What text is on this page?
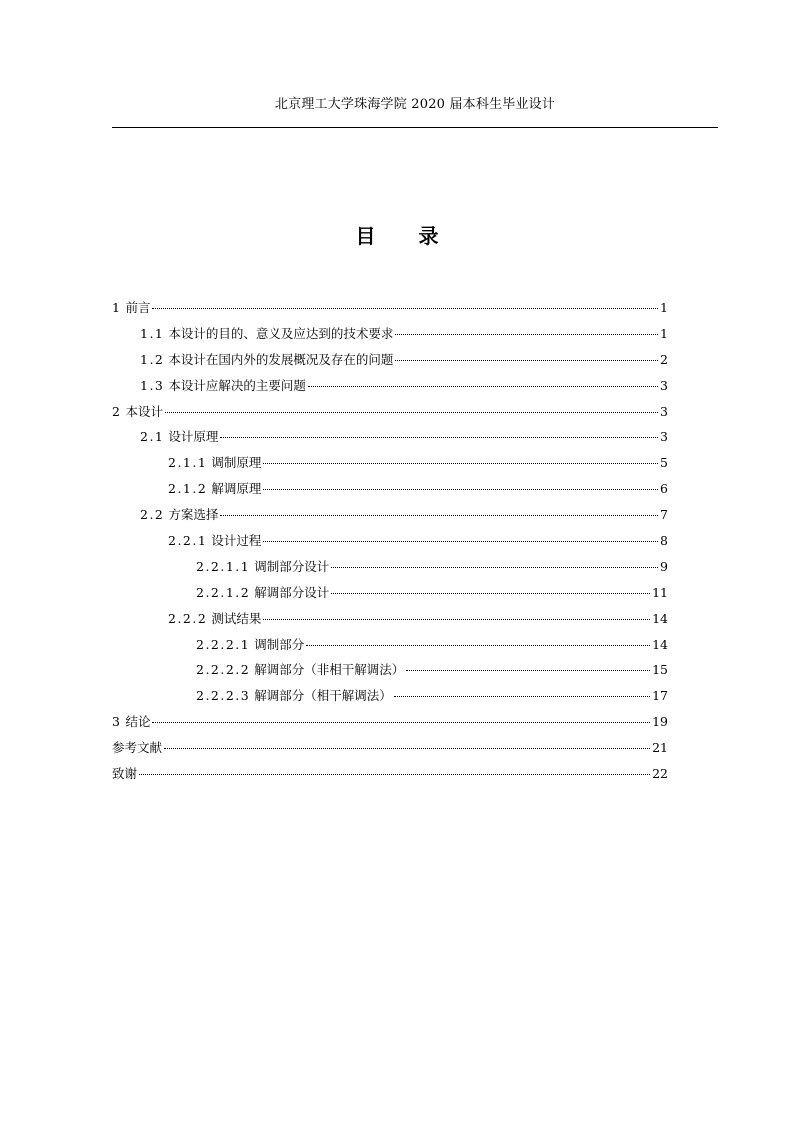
北京理工大学珠海学院 2020 届本科生毕业设计
目 录
1 前言	1
1.1 本设计的目的、意义及应达到的技术要求	1
1.2 本设计在国内外的发展概况及存在的问题	2
1.3 本设计应解决的主要问题	3
2 本设计	3
2.1 设计原理	3
2.1.1 调制原理	5
2.1.2 解调原理	6
2.2 方案选择	7
2.2.1 设计过程	8
2.2.1.1 调制部分设计	9
2.2.1.2 解调部分设计	11
2.2.2 测试结果	14
2.2.2.1 调制部分	14
2.2.2.2 解调部分（非相干解调法）	15
2.2.2.3 解调部分（相干解调法）	17
3 结论	19
参考文献	21
致谢	22
